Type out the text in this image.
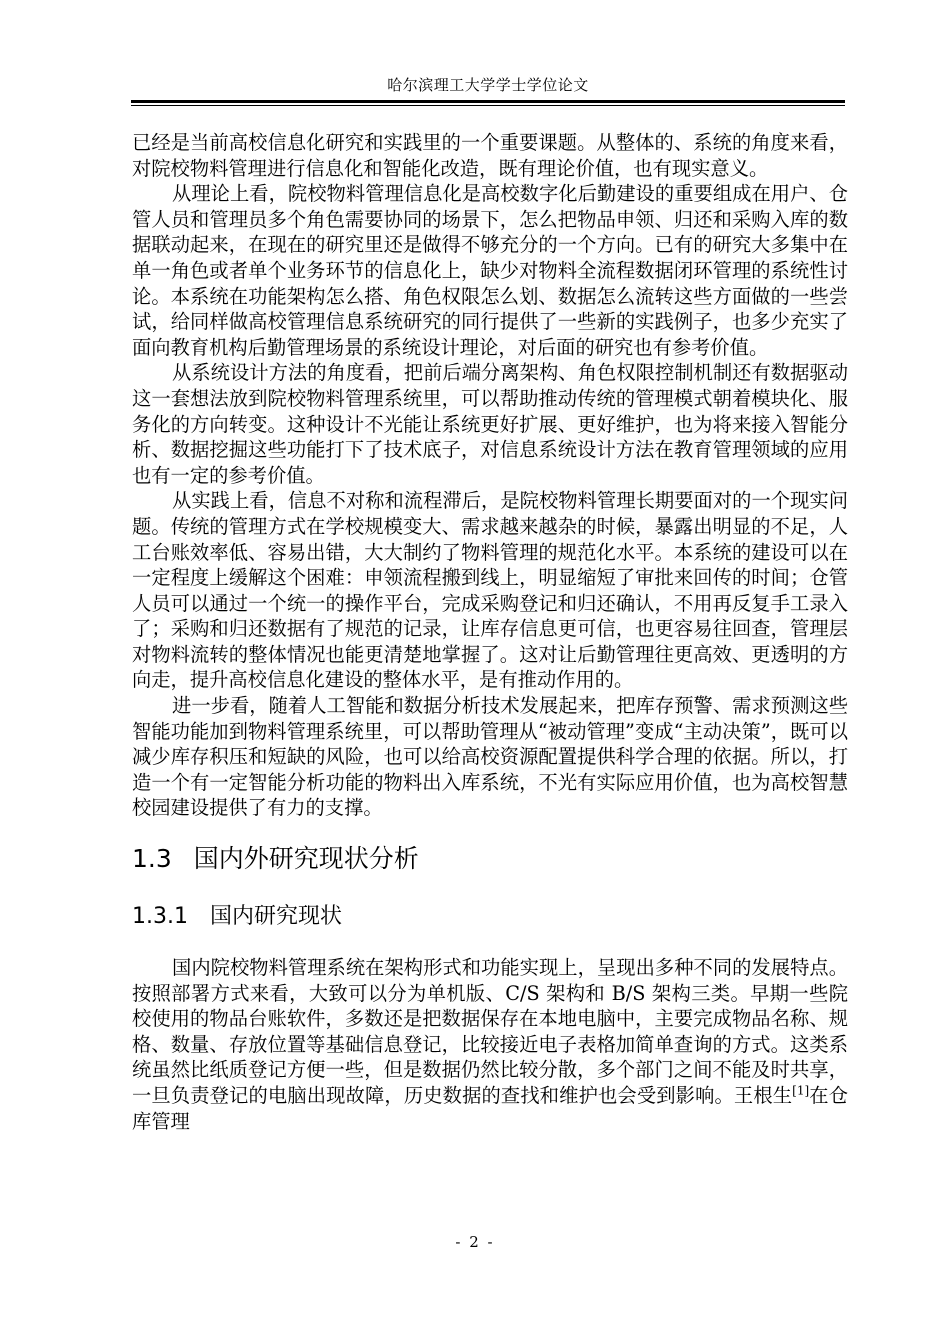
哈尔滨理工大学学士学位论文

已经是当前高校信息化研究和实践里的一个重要课题。从整体的、系统的角度来看，对院校物料管理进行信息化和智能化改造，既有理论价值，也有现实意义。

从理论上看，院校物料管理信息化是高校数字化后勤建设的重要组成在用户、仓管人员和管理员多个角色需要协同的场景下，怎么把物品申领、归还和采购入库的数据联动起来，在现在的研究里还是做得不够充分的一个方向。已有的研究大多集中在单一角色或者单个业务环节的信息化上，缺少对物料全流程数据闭环管理的系统性讨论。本系统在功能架构怎么搭、角色权限怎么划、数据怎么流转这些方面做的一些尝试，给同样做高校管理信息系统研究的同行提供了一些新的实践例子，也多少充实了面向教育机构后勤管理场景的系统设计理论，对后面的研究也有参考价值。

从系统设计方法的角度看，把前后端分离架构、角色权限控制机制还有数据驱动这一套想法放到院校物料管理系统里，可以帮助推动传统的管理模式朝着模块化、服务化的方向转变。这种设计不光能让系统更好扩展、更好维护，也为将来接入智能分析、数据挖掘这些功能打下了技术底子，对信息系统设计方法在教育管理领域的应用也有一定的参考价值。

从实践上看，信息不对称和流程滞后，是院校物料管理长期要面对的一个现实问题。传统的管理方式在学校规模变大、需求越来越杂的时候，暴露出明显的不足，人工台账效率低、容易出错，大大制约了物料管理的规范化水平。本系统的建设可以在一定程度上缓解这个困难：申领流程搬到线上，明显缩短了审批来回传的时间；仓管人员可以通过一个统一的操作平台，完成采购登记和归还确认，不用再反复手工录入了；采购和归还数据有了规范的记录，让库存信息更可信，也更容易往回查，管理层对物料流转的整体情况也能更清楚地掌握了。这对让后勤管理往更高效、更透明的方向走，提升高校信息化建设的整体水平，是有推动作用的。

进一步看，随着人工智能和数据分析技术发展起来，把库存预警、需求预测这些智能功能加到物料管理系统里，可以帮助管理从“被动管理”变成“主动决策”，既可以减少库存积压和短缺的风险，也可以给高校资源配置提供科学合理的依据。所以，打造一个有一定智能分析功能的物料出入库系统，不光有实际应用价值，也为高校智慧校园建设提供了有力的支撑。

1.3 国内外研究现状分析
1.3.1 国内研究现状

国内院校物料管理系统在架构形式和功能实现上，呈现出多种不同的发展特点。按照部署方式来看，大致可以分为单机版、C/S 架构和 B/S 架构三类。早期一些院校使用的物品台账软件，多数还是把数据保存在本地电脑中，主要完成物品名称、规格、数量、存放位置等基础信息登记，比较接近电子表格加简单查询的方式。这类系统虽然比纸质登记方便一些，但是数据仍然比较分散，多个部门之间不能及时共享，一旦负责登记的电脑出现故障，历史数据的查找和维护也会受到影响。王根生[1]在仓库管理

- 2 -
